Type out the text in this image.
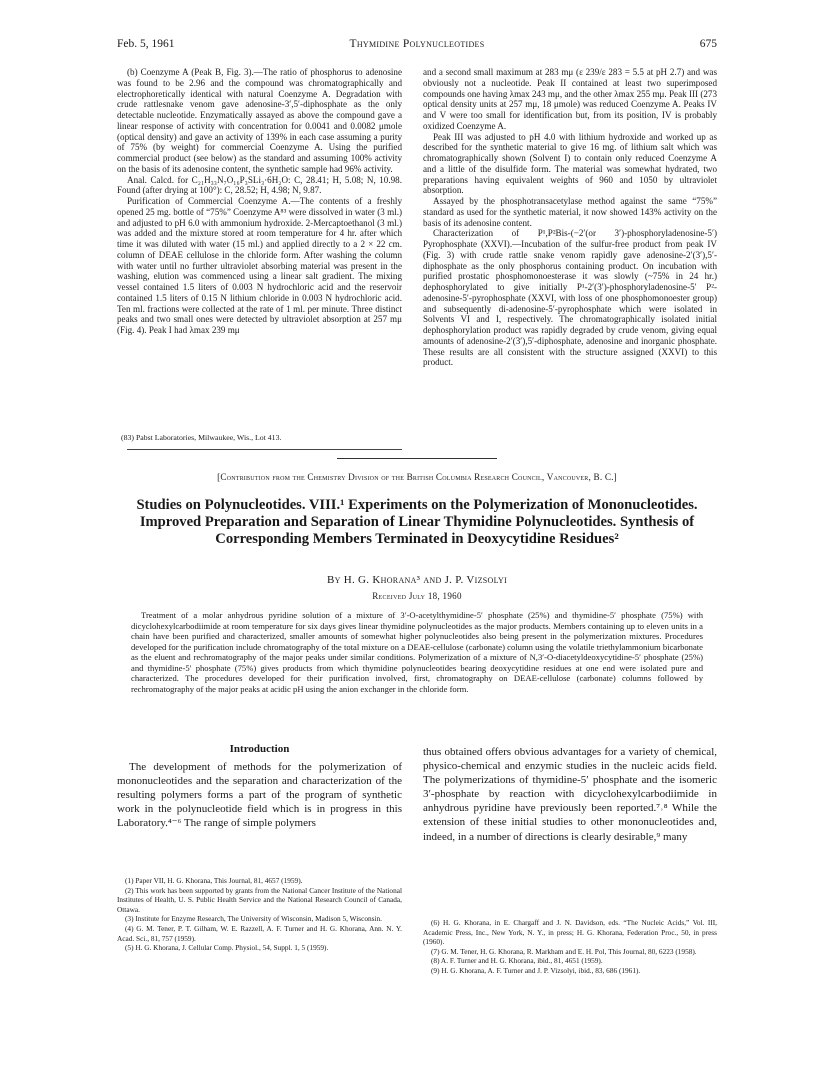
Feb. 5, 1961	Thymidine Polynucleotides	675

(b) Coenzyme A (Peak B, Fig. 3).—The ratio of phosphorus to adenosine was found to be 2.96 and the compound was chromatographically and electrophoretically identical with natural Coenzyme A. Degradation with crude rattlesnake venom gave adenosine-3′,5′-diphosphate as the only detectable nucleotide. Enzymatically assayed as above the compound gave a linear response of activity with concentration for 0.0041 and 0.0082 μmole (optical density) and gave an activity of 139% in each case assuming a purity of 75% (by weight) for commercial Coenzyme A. Using the purified commercial product (see below) as the standard and assuming 100% activity on the basis of its adenosine content, the synthetic sample had 96% activity.

Anal. Calcd. for C₂₁H₃₃N₇O₁₆P₃SLi₃·6H₂O: C, 28.41; H, 5.08; N, 10.98. Found (after drying at 100°): C, 28.52; H, 4.98; N, 9.87.

Purification of Commercial Coenzyme A.—The contents of a freshly opened 25 mg. bottle of “75%” Coenzyme A⁸³ were dissolved in water (3 ml.) and adjusted to pH 6.0 with ammonium hydroxide. 2-Mercaptoethanol (3 ml.) was added and the mixture stored at room temperature for 4 hr. after which time it was diluted with water (15 ml.) and applied directly to a 2 × 22 cm. column of DEAE cellulose in the chloride form. After washing the column with water until no further ultraviolet absorbing material was present in the washing, elution was commenced using a linear salt gradient. The mixing vessel contained 1.5 liters of 0.003 N hydrochloric acid and the reservoir contained 1.5 liters of 0.15 N lithium chloride in 0.003 N hydrochloric acid. Ten ml. fractions were collected at the rate of 1 ml. per minute. Three distinct peaks and two small ones were detected by ultraviolet absorption at 257 mμ (Fig. 4). Peak I had λmax 239 mμ

(83) Pabst Laboratories, Milwaukee, Wis., Lot 413.

and a second small maximum at 283 mμ (ε 239/ε 283 = 5.5 at pH 2.7) and was obviously not a nucleotide. Peak II contained at least two superimposed compounds one having λmax 243 mμ, and the other λmax 255 mμ. Peak III (273 optical density units at 257 mμ, 18 μmole) was reduced Coenzyme A. Peaks IV and V were too small for identification but, from its position, IV is probably oxidized Coenzyme A.

Peak III was adjusted to pH 4.0 with lithium hydroxide and worked up as described for the synthetic material to give 16 mg. of lithium salt which was chromatographically shown (Solvent I) to contain only reduced Coenzyme A and a little of the disulfide form. The material was somewhat hydrated, two preparations having equivalent weights of 960 and 1050 by ultraviolet absorption.

Assayed by the phosphotransacetylase method against the same “75%” standard as used for the synthetic material, it now showed 143% activity on the basis of its adenosine content.

Characterization of P¹,P²Bis-(−2′(or 3′)-phosphoryladenosine-5′) Pyrophosphate (XXVI).—Incubation of the sulfur-free product from peak IV (Fig. 3) with crude rattle snake venom rapidly gave adenosine-2′(3′),5′-diphosphate as the only phosphorus containing product. On incubation with purified prostatic phosphomonoesterase it was slowly (~75% in 24 hr.) dephosphorylated to give initially P¹-2′(3′)-phosphoryladenosine-5′ P²-adenosine-5′-pyrophosphate (XXVI, with loss of one phosphomonoester group) and subsequently di-adenosine-5′-pyrophosphate which were isolated in Solvents VI and I, respectively. The chromatographically isolated initial dephosphorylation product was rapidly degraded by crude venom, giving equal amounts of adenosine-2′(3′),5′-diphosphate, adenosine and inorganic phosphate. These results are all consistent with the structure assigned (XXVI) to this product.

[Contribution from the Chemistry Division of the British Columbia Research Council, Vancouver, B. C.]
Studies on Polynucleotides. VIII.¹ Experiments on the Polymerization of Mononucleotides. Improved Preparation and Separation of Linear Thymidine Polynucleotides. Synthesis of Corresponding Members Terminated in Deoxycytidine Residues²
By H. G. Khorana³ and J. P. Vizsolyi
Received July 18, 1960
Treatment of a molar anhydrous pyridine solution of a mixture of 3′-O-acetylthymidine-5′ phosphate (25%) and thymidine-5′ phosphate (75%) with dicyclohexylcarbodiimide at room temperature for six days gives linear thymidine polynucleotides as the major products. Members containing up to eleven units in a chain have been purified and characterized, smaller amounts of somewhat higher polynucleotides also being present in the polymerization mixtures. Procedures developed for the purification include chromatography of the total mixture on a DEAE-cellulose (carbonate) column using the volatile triethylammonium bicarbonate as the eluent and rechromatography of the major peaks under similar conditions. Polymerization of a mixture of N,3′-O-diacetyldeoxycytidine-5′ phosphate (25%) and thymidine-5′ phosphate (75%) gives products from which thymidine polynucleotides bearing deoxycytidine residues at one end were isolated pure and characterized. The procedures developed for their purification involved, first, chromatography on DEAE-cellulose (carbonate) columns followed by rechromatography of the major peaks at acidic pH using the anion exchanger in the chloride form.
Introduction

The development of methods for the polymerization of mononucleotides and the separation and characterization of the resulting polymers forms a part of the program of synthetic work in the polynucleotide field which is in progress in this Laboratory.⁴⁻⁶ The range of simple polymers

thus obtained offers obvious advantages for a variety of chemical, physico-chemical and enzymic studies in the nucleic acids field. The polymerizations of thymidine-5′ phosphate and the isomeric 3′-phosphate by reaction with dicyclohexylcarbodiimide in anhydrous pyridine have previously been reported.⁷˒⁸ While the extension of these initial studies to other mononucleotides and, indeed, in a number of directions is clearly desirable,⁹ many

(1) Paper VII, H. G. Khorana, This Journal, 81, 4657 (1959).
(2) This work has been supported by grants from the National Cancer Institute of the National Institutes of Health, U. S. Public Health Service and the National Research Council of Canada, Ottawa.
(3) Institute for Enzyme Research, The University of Wisconsin, Madison 5, Wisconsin.
(4) G. M. Tener, P. T. Gilham, W. E. Razzell, A. F. Turner and H. G. Khorana, Ann. N. Y. Acad. Sci., 81, 757 (1959).
(5) H. G. Khorana, J. Cellular Comp. Physiol., 54, Suppl. 1, 5 (1959).
(6) H. G. Khorana, in E. Chargaff and J. N. Davidson, eds. “The Nucleic Acids,” Vol. III, Academic Press, Inc., New York, N. Y., in press; H. G. Khorana, Federation Proc., 50, in press (1960).
(7) G. M. Tener, H. G. Khorana, R. Markham and E. H. Pol, This Journal, 80, 6223 (1958).
(8) A. F. Turner and H. G. Khorana, ibid., 81, 4651 (1959).
(9) H. G. Khorana, A. F. Turner and J. P. Vizsolyi, ibid., 83, 686 (1961).
